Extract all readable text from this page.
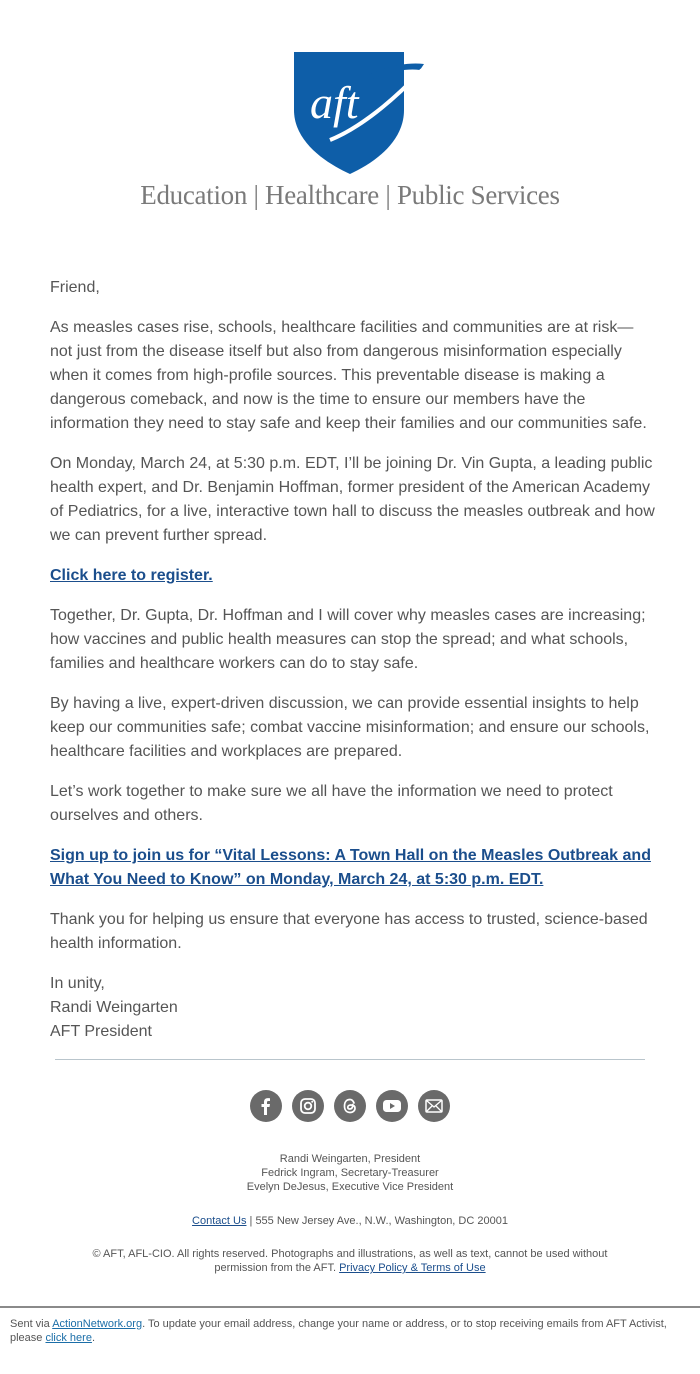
aft
Education | Healthcare | Public Services

Friend,

As measles cases rise, schools, healthcare facilities and communities are at risk—not just from the disease itself but also from dangerous misinformation especially when it comes from high-profile sources. This preventable disease is making a dangerous comeback, and now is the time to ensure our members have the information they need to stay safe and keep their families and our communities safe.

On Monday, March 24, at 5:30 p.m. EDT, I’ll be joining Dr. Vin Gupta, a leading public health expert, and Dr. Benjamin Hoffman, former president of the American Academy of Pediatrics, for a live, interactive town hall to discuss the measles outbreak and how we can prevent further spread.

Click here to register.

Together, Dr. Gupta, Dr. Hoffman and I will cover why measles cases are increasing; how vaccines and public health measures can stop the spread; and what schools, families and healthcare workers can do to stay safe.

By having a live, expert-driven discussion, we can provide essential insights to help keep our communities safe; combat vaccine misinformation; and ensure our schools, healthcare facilities and workplaces are prepared.

Let’s work together to make sure we all have the information we need to protect ourselves and others.

Sign up to join us for “Vital Lessons: A Town Hall on the Measles Outbreak and What You Need to Know” on Monday, March 24, at 5:30 p.m. EDT.

Thank you for helping us ensure that everyone has access to trusted, science-based health information.

In unity,
Randi Weingarten
AFT President
Randi Weingarten, President
Fedrick Ingram, Secretary-Treasurer
Evelyn DeJesus, Executive Vice President
Contact Us | 555 New Jersey Ave., N.W., Washington, DC 20001
© AFT, AFL-CIO. All rights reserved. Photographs and illustrations, as well as text, cannot be used without permission from the AFT. Privacy Policy & Terms of Use
Sent via ActionNetwork.org. To update your email address, change your name or address, or to stop receiving emails from AFT Activist, please click here.
